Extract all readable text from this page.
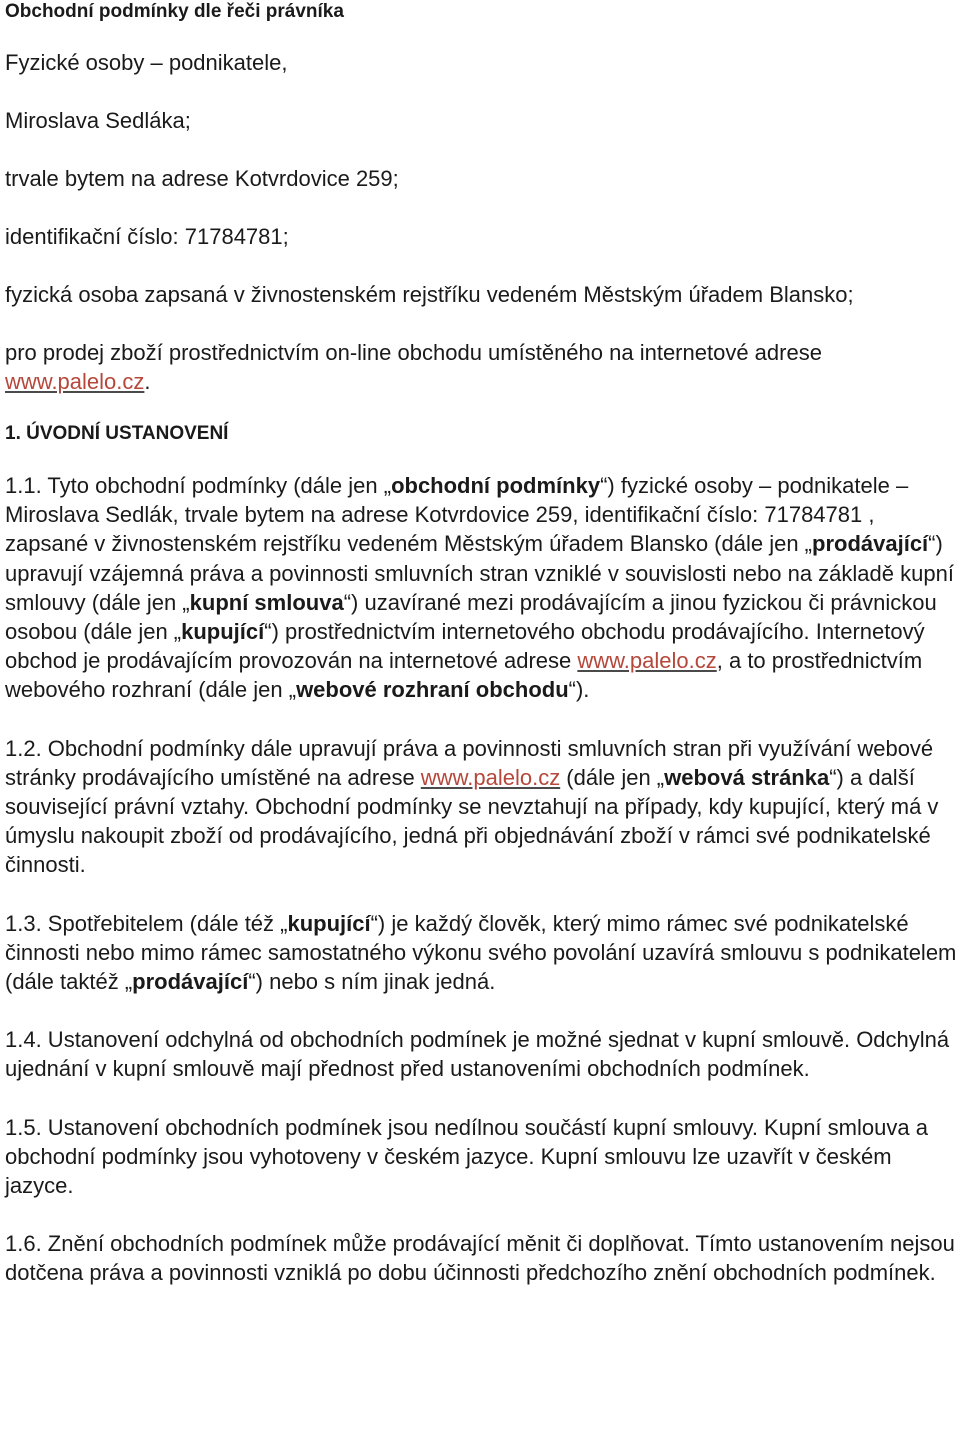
Obchodní podmínky dle řeči právníka

Fyzické osoby – podnikatele,

Miroslava Sedláka;

trvale bytem na adrese Kotvrdovice 259;

identifikační číslo: 71784781;

fyzická osoba zapsaná v živnostenském rejstříku vedeném Městským úřadem Blansko;

pro prodej zboží prostřednictvím on-line obchodu umístěného na internetové adrese www.palelo.cz.

1. ÚVODNÍ USTANOVENÍ

1.1. Tyto obchodní podmínky (dále jen „obchodní podmínky“) fyzické osoby – podnikatele – Miroslava Sedlák, trvale bytem na adrese Kotvrdovice 259, identifikační číslo: 71784781 , zapsané v živnostenském rejstříku vedeném Městským úřadem Blansko (dále jen „prodávající“) upravují vzájemná práva a povinnosti smluvních stran vzniklé v souvislosti nebo na základě kupní smlouvy (dále jen „kupní smlouva“) uzavírané mezi prodávajícím a jinou fyzickou či právnickou osobou (dále jen „kupující“) prostřednictvím internetového obchodu prodávajícího. Internetový obchod je prodávajícím provozován na internetové adrese www.palelo.cz, a to prostřednictvím webového rozhraní (dále jen „webové rozhraní obchodu“).

1.2. Obchodní podmínky dále upravují práva a povinnosti smluvních stran při využívání webové stránky prodávajícího umístěné na adrese www.palelo.cz (dále jen „webová stránka“) a další související právní vztahy. Obchodní podmínky se nevztahují na případy, kdy kupující, který má v úmyslu nakoupit zboží od prodávajícího, jedná při objednávání zboží v rámci své podnikatelské činnosti.

1.3. Spotřebitelem (dále též „kupující“) je každý člověk, který mimo rámec své podnikatelské činnosti nebo mimo rámec samostatného výkonu svého povolání uzavírá smlouvu s podnikatelem (dále taktéž „prodávající“) nebo s ním jinak jedná.

1.4. Ustanovení odchylná od obchodních podmínek je možné sjednat v kupní smlouvě. Odchylná ujednání v kupní smlouvě mají přednost před ustanoveními obchodních podmínek.

1.5. Ustanovení obchodních podmínek jsou nedílnou součástí kupní smlouvy. Kupní smlouva a obchodní podmínky jsou vyhotoveny v českém jazyce. Kupní smlouvu lze uzavřít v českém jazyce.

1.6. Znění obchodních podmínek může prodávající měnit či doplňovat. Tímto ustanovením nejsou dotčena práva a povinnosti vzniklá po dobu účinnosti předchozího znění obchodních podmínek.
